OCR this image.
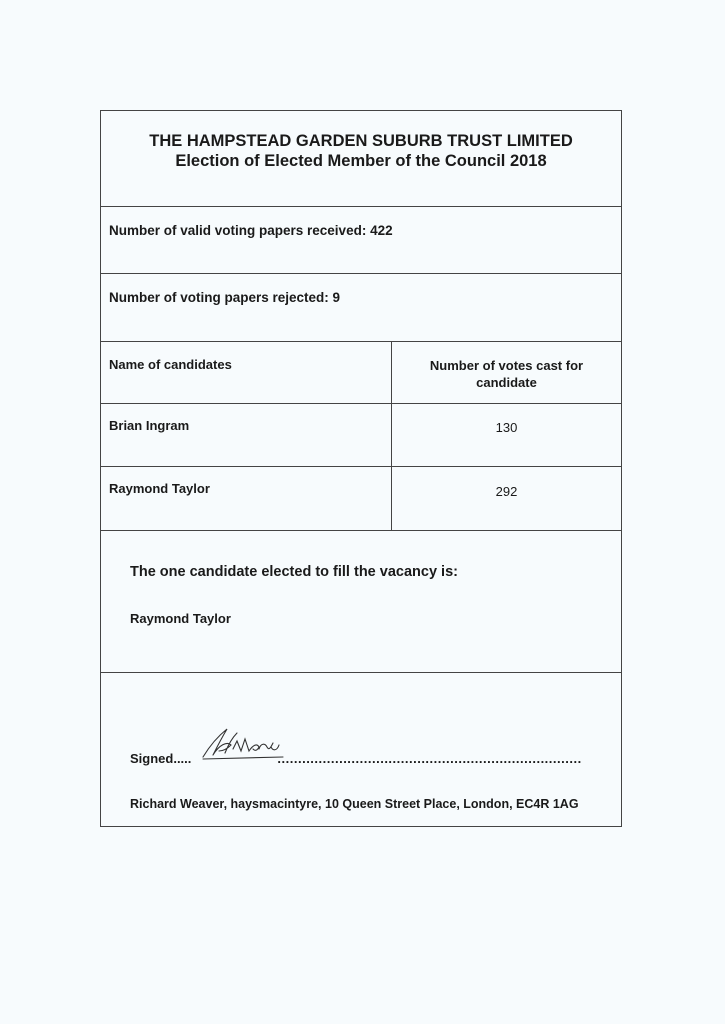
THE HAMPSTEAD GARDEN SUBURB TRUST LIMITED
Election of Elected Member of the Council 2018
Number of valid voting papers received: 422
Number of voting papers rejected: 9
Name of candidates	Number of votes cast for
candidate
Brian Ingram	130
Raymond Taylor	292
The one candidate elected to fill the vacancy is:
Raymond Taylor
Signed.....	..........................................................................
Richard Weaver, haysmacintyre, 10 Queen Street Place, London, EC4R 1AG
